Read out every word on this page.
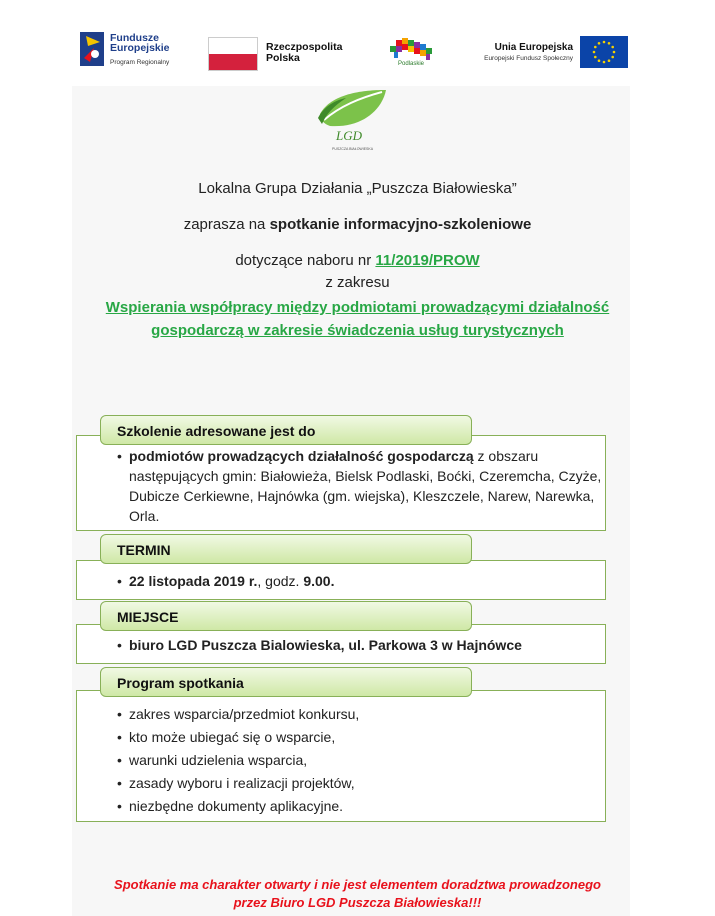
Fundusze
Europejskie
Program Regionalny
Rzeczpospolita
Polska	Podlaskie
Unia Europejska
Europejski Fundusz Społeczny
LGD
PUSZCZA BIAŁOWIESKA
Lokalna Grupa Działania „Puszcza Białowieska”
zaprasza na spotkanie informacyjno-szkoleniowe
dotyczące naboru nr 11/2019/PROW
z zakresu
Wspierania współpracy między podmiotami prowadzącymi działalność gospodarczą w zakresie świadczenia usług turystycznych
• podmiotów prowadzących działalność gospodarczą z obszaru następujących gmin: Białowieża, Bielsk Podlaski, Boćki, Czeremcha, Czyże, Dubicze Cerkiewne, Hajnówka (gm. wiejska), Kleszczele, Narew, Narewka, Orla.
Szkolenie adresowane jest do
• 22 listopada 2019 r., godz. 9.00.
TERMIN
• biuro LGD Puszcza Bialowieska, ul. Parkowa 3 w Hajnówce
MIEJSCE
• zakres wsparcia/przedmiot konkursu,
• kto może ubiegać się o wsparcie,
• warunki udzielenia wsparcia,
• zasady wyboru i realizacji projektów,
• niezbędne dokumenty aplikacyjne.
Program spotkania
Spotkanie ma charakter otwarty i nie jest elementem doradztwa prowadzonego
przez Biuro LGD Puszcza Białowieska!!!
